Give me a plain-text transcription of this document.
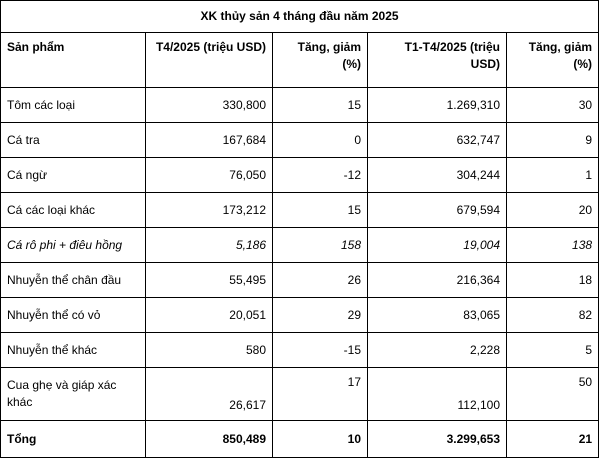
XK thủy sản 4 tháng đầu năm 2025				
Sản phẩm	T4/2025 (triệu USD)	Tăng, giảm (%)	T1-T4/2025 (triệu USD)	Tăng, giảm (%)
Tôm các loại	330,800	15	1.269,310	30
Cá tra	167,684	0	632,747	9
Cá ngừ	76,050	-12	304,244	1
Cá các loại khác	173,212	15	679,594	20
Cá rô phi + điêu hồng	5,186	158	19,004	138
Nhuyễn thể chân đầu	55,495	26	216,364	18
Nhuyễn thể có vỏ	20,051	29	83,065	82
Nhuyễn thể khác	580	-15	2,228	5
Cua ghẹ và giáp xác khác	26,617	17	112,100	50
Tổng	850,489	10	3.299,653	21
